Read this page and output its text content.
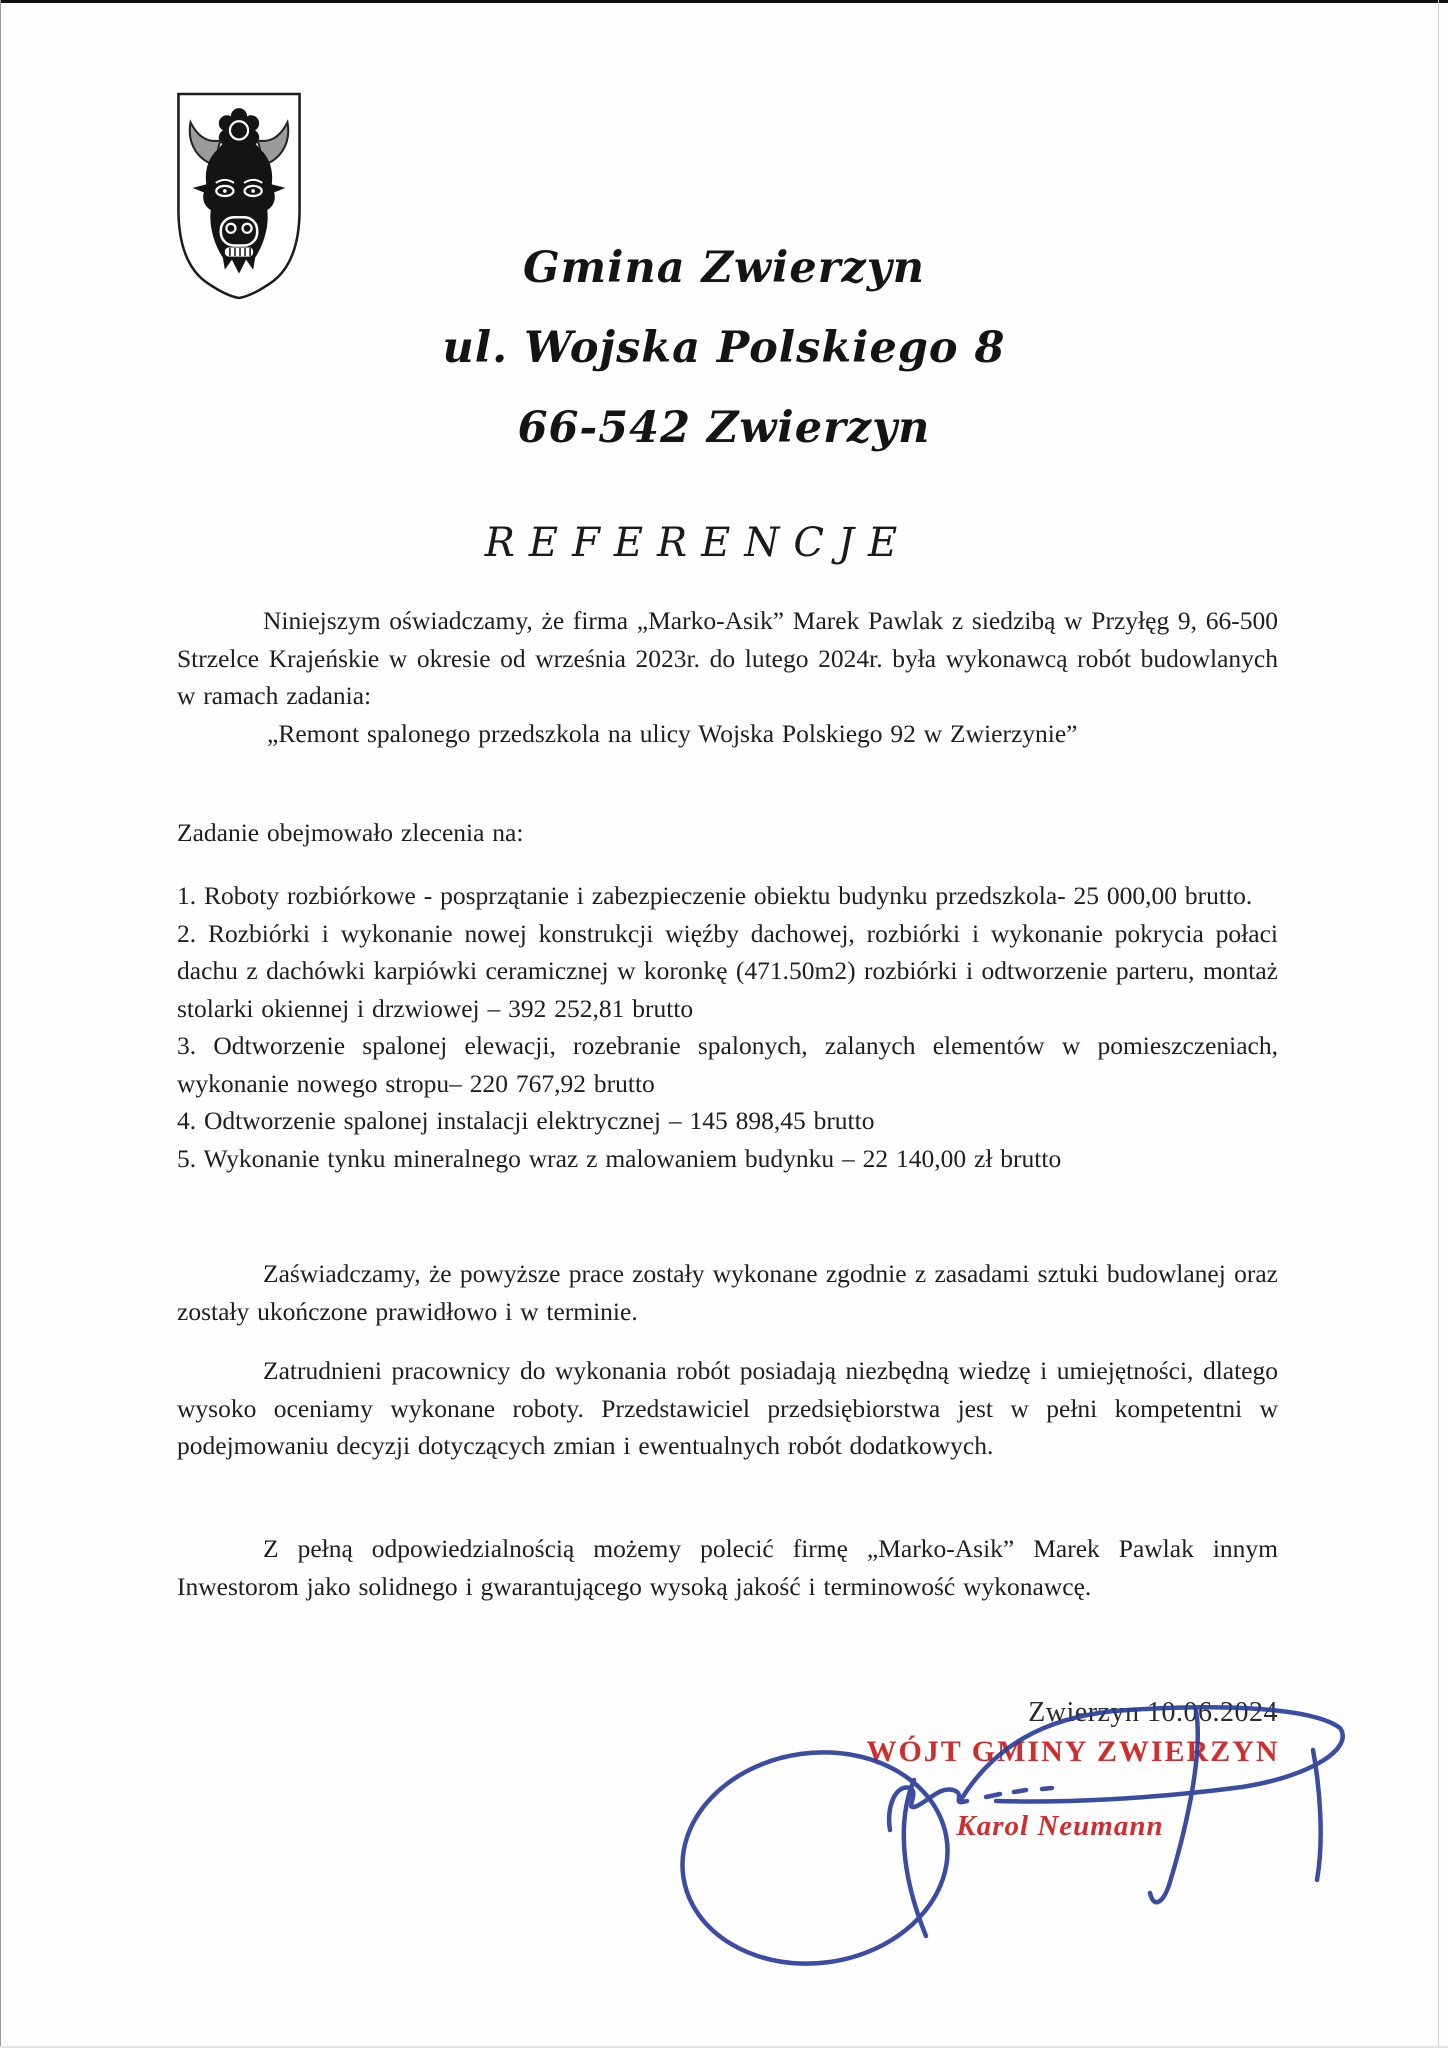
Gmina Zwierzyn
ul. Wojska Polskiego 8
66-542 Zwierzyn
REFERENCJE
Niniejszym oświadczamy, że firma „Marko-Asik” Marek Pawlak z siedzibą w Przyłęg 9, 66-500 Strzelce Krajeńskie w okresie od września 2023r. do lutego 2024r. była wykonawcą robót budowlanych w ramach zadania:
„Remont spalonego przedszkola na ulicy Wojska Polskiego 92 w Zwierzynie”
Zadanie obejmowało zlecenia na:
1. Roboty rozbiórkowe - posprzątanie i zabezpieczenie obiektu budynku przedszkola- 25 000,00 brutto.
2. Rozbiórki i wykonanie nowej konstrukcji więźby dachowej, rozbiórki i wykonanie pokrycia połaci dachu z dachówki karpiówki ceramicznej w koronkę (471.50m2) rozbiórki i odtworzenie parteru, montaż stolarki okiennej i drzwiowej – 392 252,81 brutto
3. Odtworzenie spalonej elewacji, rozebranie spalonych, zalanych elementów w pomieszczeniach, wykonanie nowego stropu– 220 767,92 brutto
4. Odtworzenie spalonej instalacji elektrycznej – 145 898,45 brutto
5. Wykonanie tynku mineralnego wraz z malowaniem budynku – 22 140,00 zł brutto
Zaświadczamy, że powyższe prace zostały wykonane zgodnie z zasadami sztuki budowlanej oraz zostały ukończone prawidłowo i w terminie.
Zatrudnieni pracownicy do wykonania robót posiadają niezbędną wiedzę i umiejętności, dlatego wysoko oceniamy wykonane roboty. Przedstawiciel przedsiębiorstwa jest w pełni kompetentni w podejmowaniu decyzji dotyczących zmian i ewentualnych robót dodatkowych.
Z pełną odpowiedzialnością możemy polecić firmę „Marko-Asik” Marek Pawlak innym Inwestorom jako solidnego i gwarantującego wysoką jakość i terminowość wykonawcę.
Zwierzyn 10.06.2024
WÓJT GMINY ZWIERZYN
Karol Neumann
